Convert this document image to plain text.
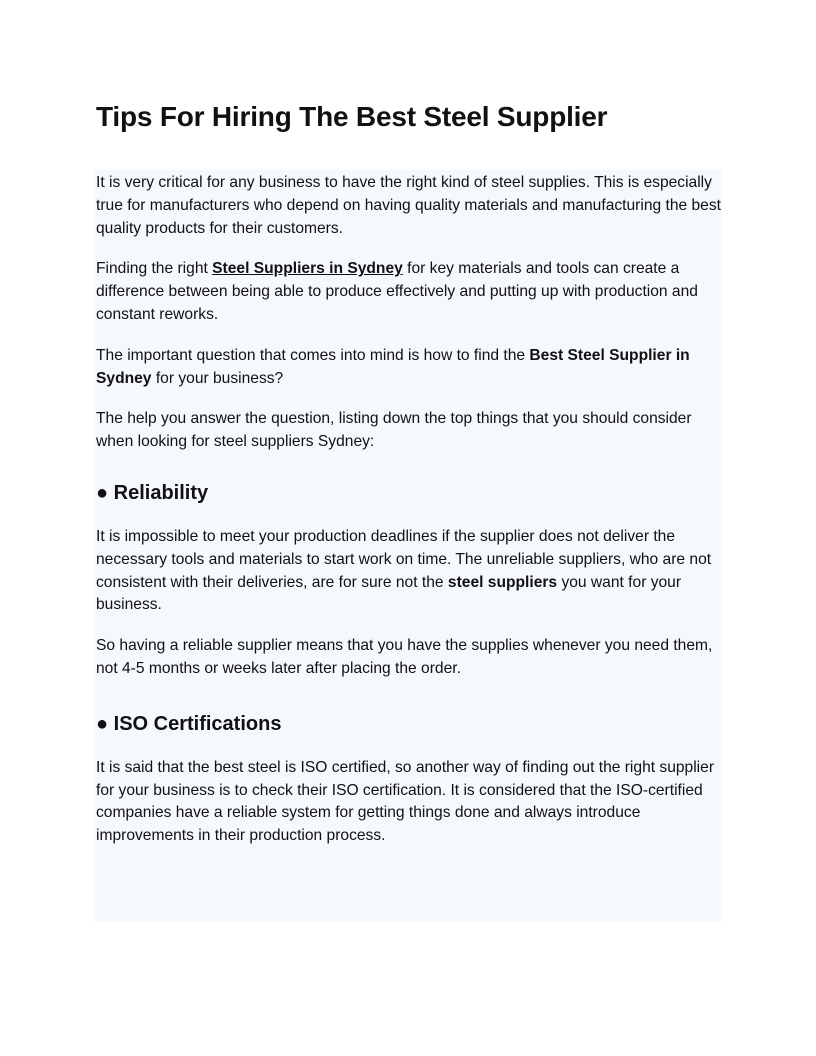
Tips For Hiring The Best Steel Supplier

It is very critical for any business to have the right kind of steel supplies. This is especially true for manufacturers who depend on having quality materials and manufacturing the best quality products for their customers.

Finding the right Steel Suppliers in Sydney for key materials and tools can create a difference between being able to produce effectively and putting up with production and constant reworks.

The important question that comes into mind is how to find the Best Steel Supplier in Sydney for your business?

The help you answer the question, listing down the top things that you should consider when looking for steel suppliers Sydney:

● Reliability

It is impossible to meet your production deadlines if the supplier does not deliver the necessary tools and materials to start work on time. The unreliable suppliers, who are not consistent with their deliveries, are for sure not the steel suppliers you want for your business.

So having a reliable supplier means that you have the supplies whenever you need them, not 4-5 months or weeks later after placing the order.

● ISO Certifications

It is said that the best steel is ISO certified, so another way of finding out the right supplier for your business is to check their ISO certification. It is considered that the ISO-certified companies have a reliable system for getting things done and always introduce improvements in their production process.
